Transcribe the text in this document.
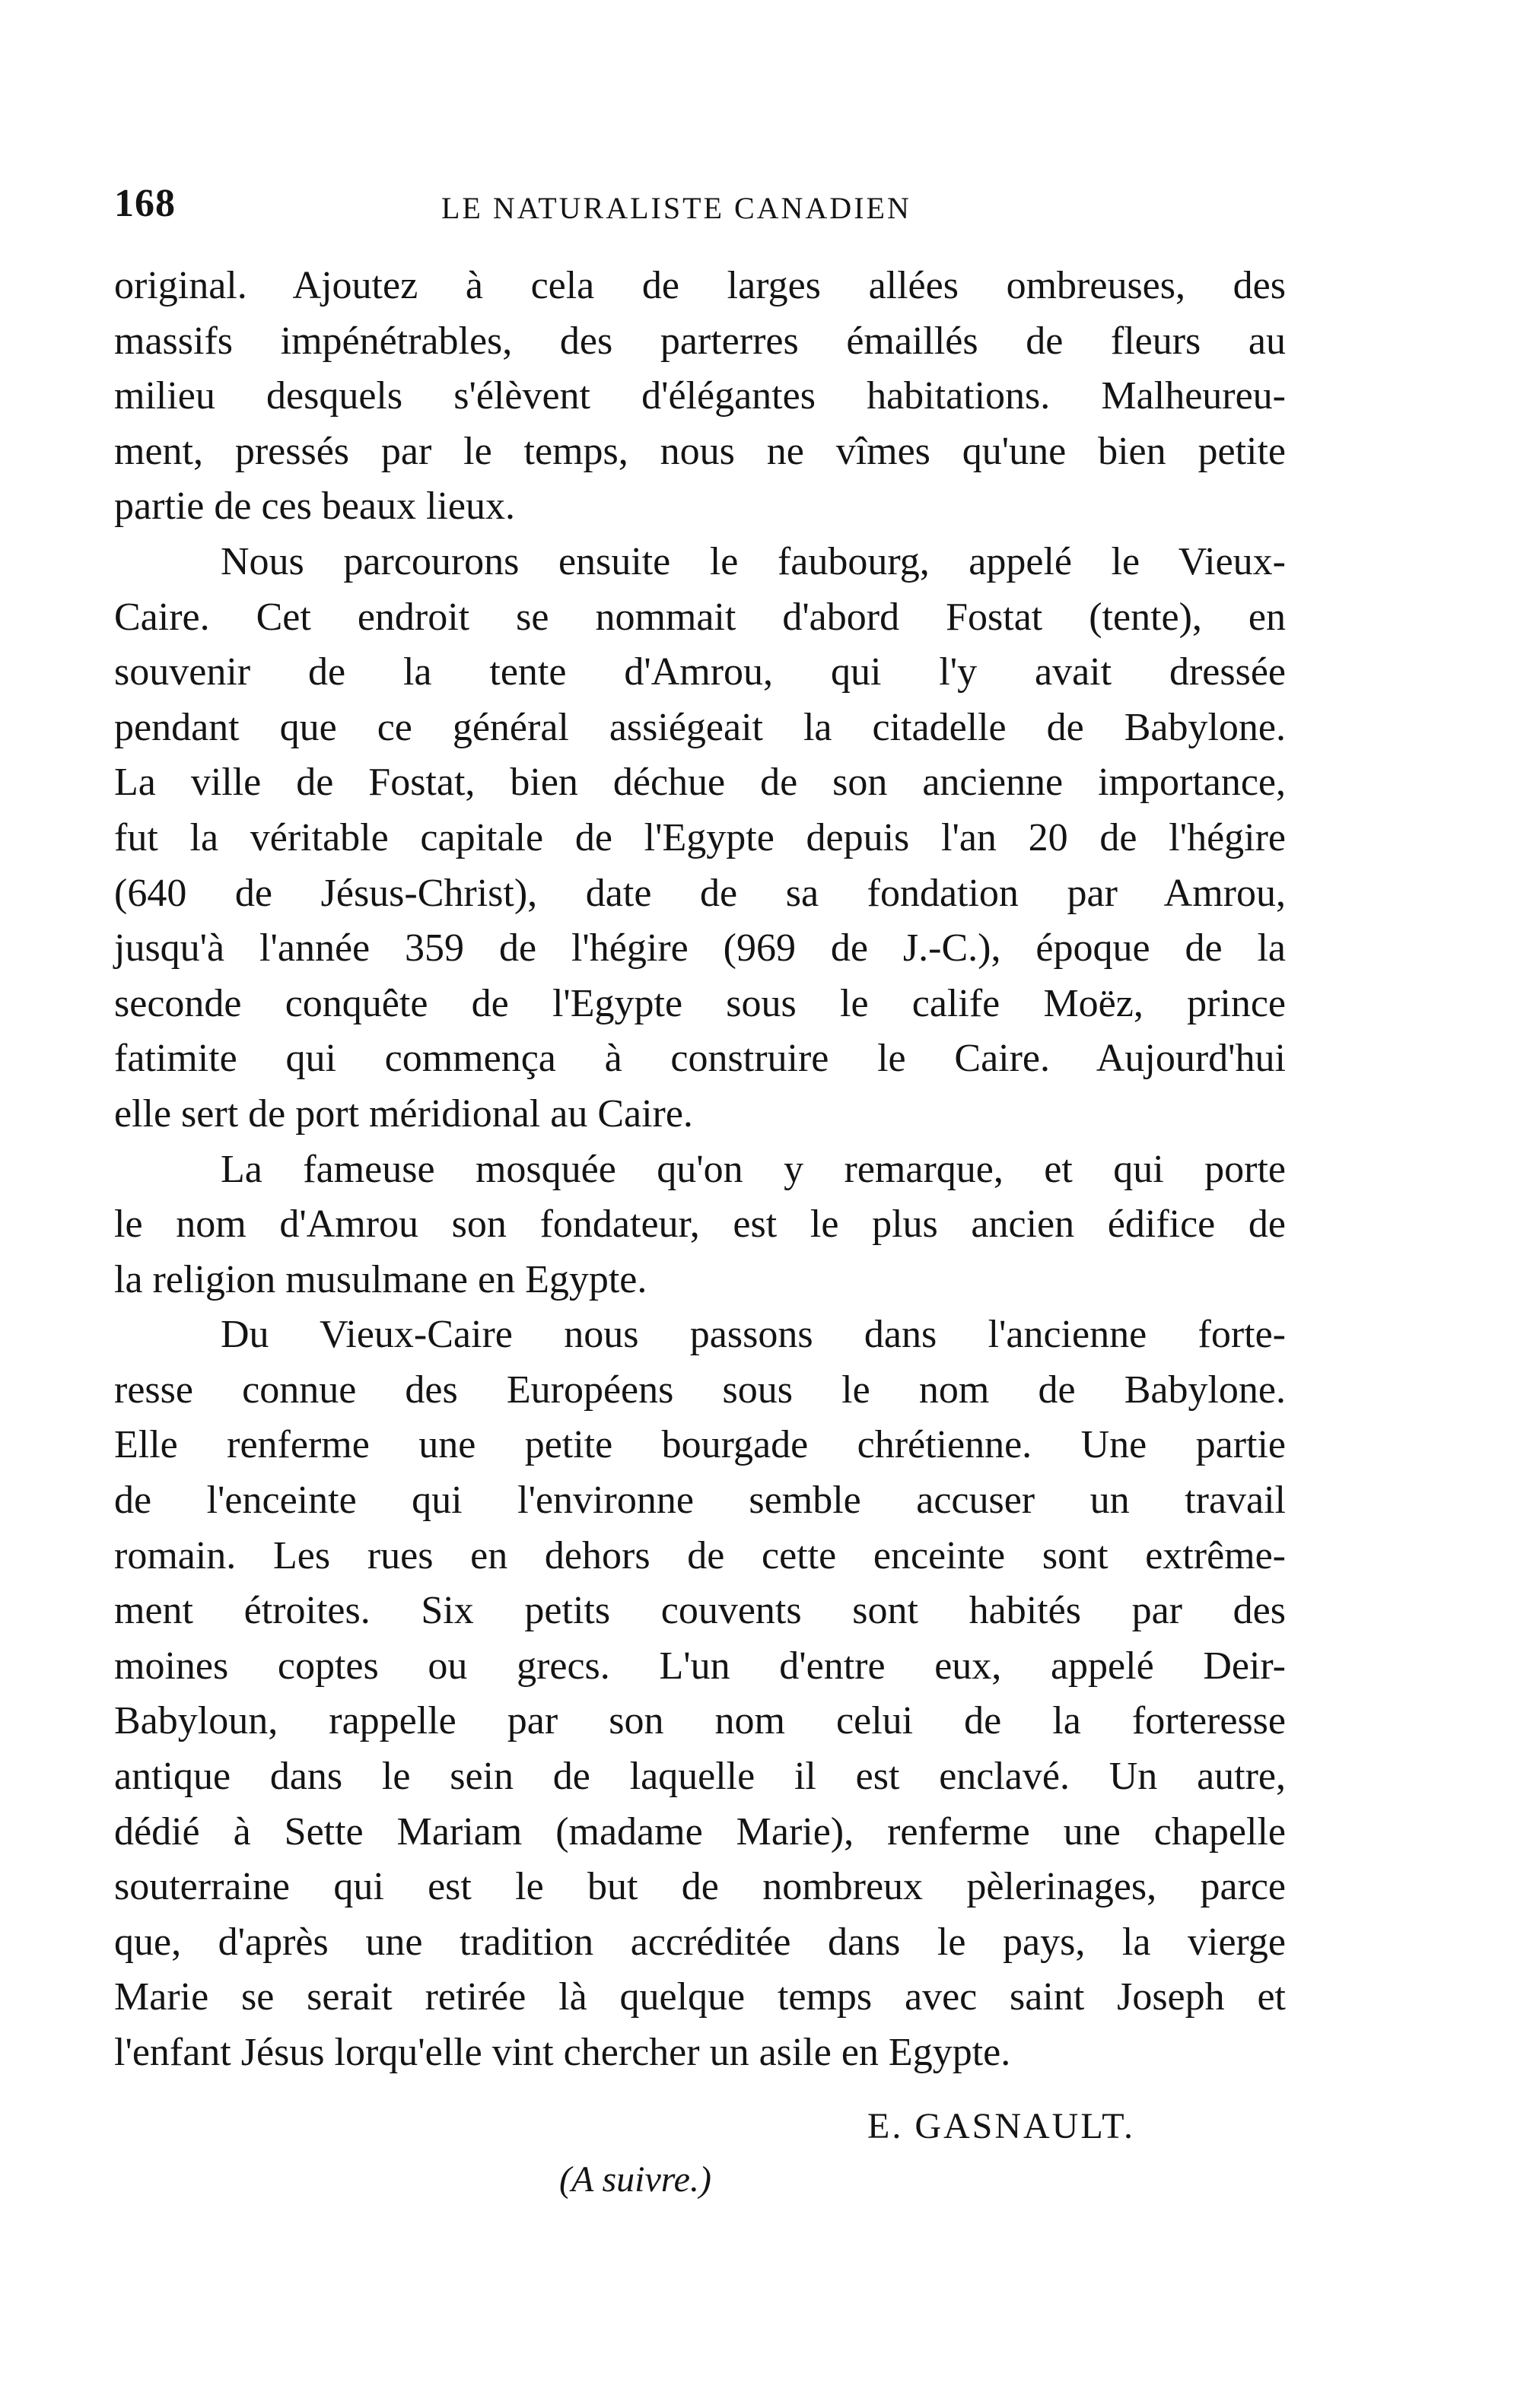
168	LE NATURALISTE CANADIEN
original. Ajoutez à cela de larges allées ombreuses, des
massifs impénétrables, des parterres émaillés de fleurs au
milieu desquels s'élèvent d'élégantes habitations. Malheureu-
ment, pressés par le temps, nous ne vîmes qu'une bien petite
partie de ces beaux lieux.
Nous parcourons ensuite le faubourg, appelé le Vieux-
Caire. Cet endroit se nommait d'abord Fostat (tente), en
souvenir de la tente d'Amrou, qui l'y avait dressée
pendant que ce général assiégeait la citadelle de Babylone.
La ville de Fostat, bien déchue de son ancienne importance,
fut la véritable capitale de l'Egypte depuis l'an 20 de l'hégire
(640 de Jésus-Christ), date de sa fondation par Amrou,
jusqu'à l'année 359 de l'hégire (969 de J.-C.), époque de la
seconde conquête de l'Egypte sous le calife Moëz, prince
fatimite qui commença à construire le Caire. Aujourd'hui
elle sert de port méridional au Caire.
La fameuse mosquée qu'on y remarque, et qui porte
le nom d'Amrou son fondateur, est le plus ancien édifice de
la religion musulmane en Egypte.
Du Vieux-Caire nous passons dans l'ancienne forte-
resse connue des Européens sous le nom de Babylone.
Elle renferme une petite bourgade chrétienne. Une partie
de l'enceinte qui l'environne semble accuser un travail
romain. Les rues en dehors de cette enceinte sont extrême-
ment étroites. Six petits couvents sont habités par des
moines coptes ou grecs. L'un d'entre eux, appelé Deir-
Babyloun, rappelle par son nom celui de la forteresse
antique dans le sein de laquelle il est enclavé. Un autre,
dédié à Sette Mariam (madame Marie), renferme une chapelle
souterraine qui est le but de nombreux pèlerinages, parce
que, d'après une tradition accréditée dans le pays, la vierge
Marie se serait retirée là quelque temps avec saint Joseph et
l'enfant Jésus lorqu'elle vint chercher un asile en Egypte.
E. GASNAULT.
(A suivre.)
